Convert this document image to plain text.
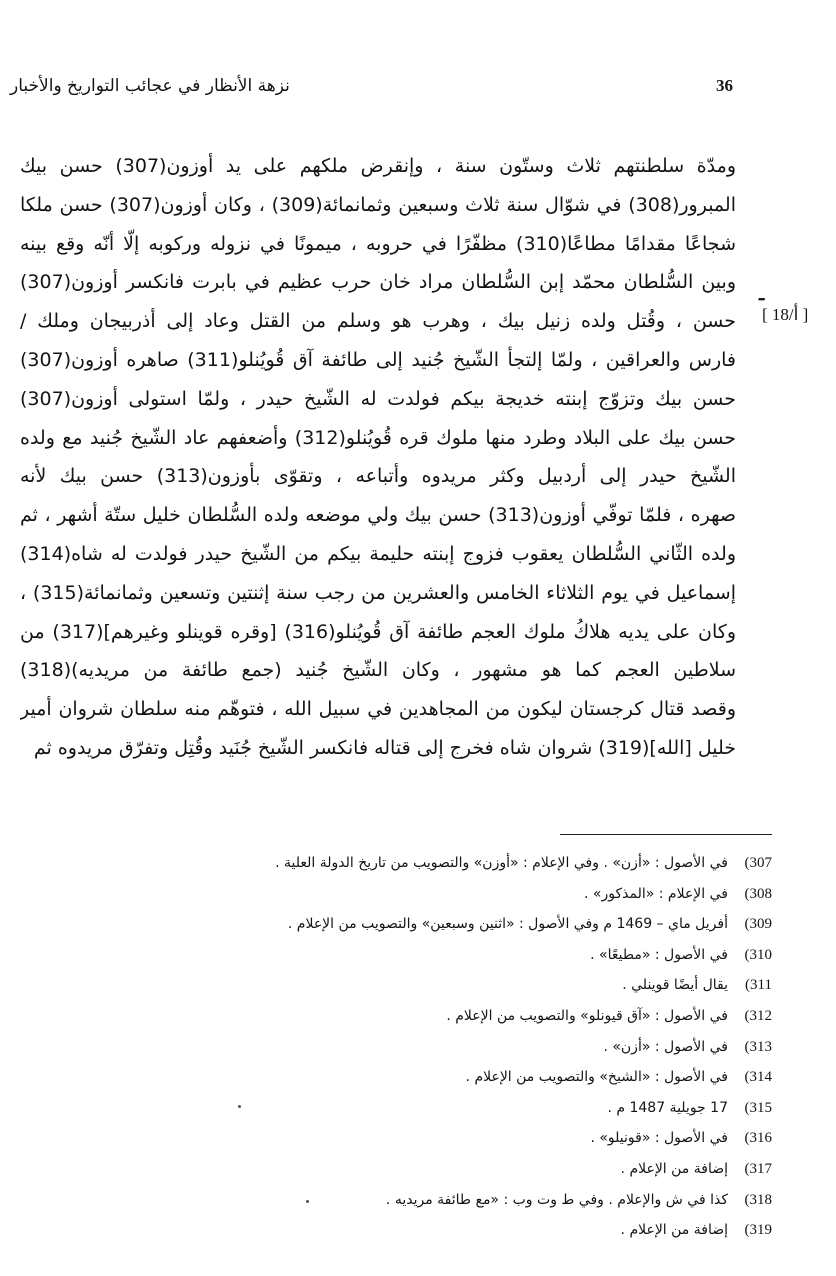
36
نزهة الأنظار في عجائب التواريخ والأخبار
[ 18/أ ]
ـ
ومدّة سلطنتهم ثلاث وستّون سنة ، وإنقرض ملكهم على يد أوزون(307) حسن بيك
المبرور(308) في شوّال سنة ثلاث وسبعين وثمانمائة(309) ، وكان أوزون(307) حسن ملكا
شجاعًا مقدامًا مطاعًا(310) مظفّرًا في حروبه ، ميمونًا في نزوله وركوبه إلّا أنّه وقع بينه
وبين السُّلطان محمّد إبن السُّلطان مراد خان حرب عظيم في بابرت فانكسر أوزون(307)
حسن ، وقُتل ولده زنيل بيك ، وهرب هو وسلم من القتل وعاد إلى أذربيجان وملك /
فارس والعراقين ، ولمّا إلتجأ الشّيخ جُنيد إلى طائفة آق قُويُنلو(311) صاهره أوزون(307)
حسن بيك وتزوّج إبنته خديجة بيكم فولدت له الشّيخ حيدر ، ولمّا استولى أوزون(307)
حسن بيك على البلاد وطرد منها ملوك قره قُويُنلو(312) وأضعفهم عاد الشّيخ جُنيد مع ولده
الشّيخ حيدر إلى أردبيل وكثر مريدوه وأتباعه ، وتقوّى بأوزون(313) حسن بيك لأنه
صهره ، فلمّا توفّي أوزون(313) حسن بيك ولي موضعه ولده السُّلطان خليل ستّة أشهر ، ثم
ولده الثّاني السُّلطان يعقوب فزوج إبنته حليمة بيكم من الشّيخ حيدر فولدت له شاه(314)
إسماعيل في يوم الثلاثاء الخامس والعشرين من رجب سنة إثنتين وتسعين وثمانمائة(315) ،
وكان على يديه هلاكُ ملوك العجم طائفة آق قُويُنلو(316) [وقره قوينلو وغيرهم](317) من
سلاطين العجم كما هو مشهور ، وكان الشّيخ جُنيد (جمع طائفة من مريديه)(318)
وقصد قتال كرجستان ليكون من المجاهدين في سبيل الله ، فتوهّم منه سلطان شروان أمير
خليل [الله](319) شروان شاه فخرج إلى قتاله فانكسر الشّيخ جُنَيد وقُتِل وتفرّق مريدوه ثم
307)
في الأصول : «أزن» . وفي الإعلام : «أوزن» والتصويب من تاريخ الدولة العلية .
308)
في الإعلام : «المذكور» .
309)
أفريل ماي – 1469 م وفي الأصول : «اثنين وسبعين» والتصويب من الإعلام .
310)
في الأصول : «مطيعًا» .
311)
يقال أيضًا قوينلي .
312)
في الأصول : «آق قيونلو» والتصويب من الإعلام .
313)
في الأصول : «أزن» .
314)
في الأصول : «الشيخ» والتصويب من الإعلام .
315)
17 جويلية 1487 م .
316)
في الأصول : «قونيلو» .
317)
إضافة من الإعلام .
318)
كذا في ش والإعلام . وفي ط وت وب : «مع طائفة مريديه .
319)
إضافة من الإعلام .
